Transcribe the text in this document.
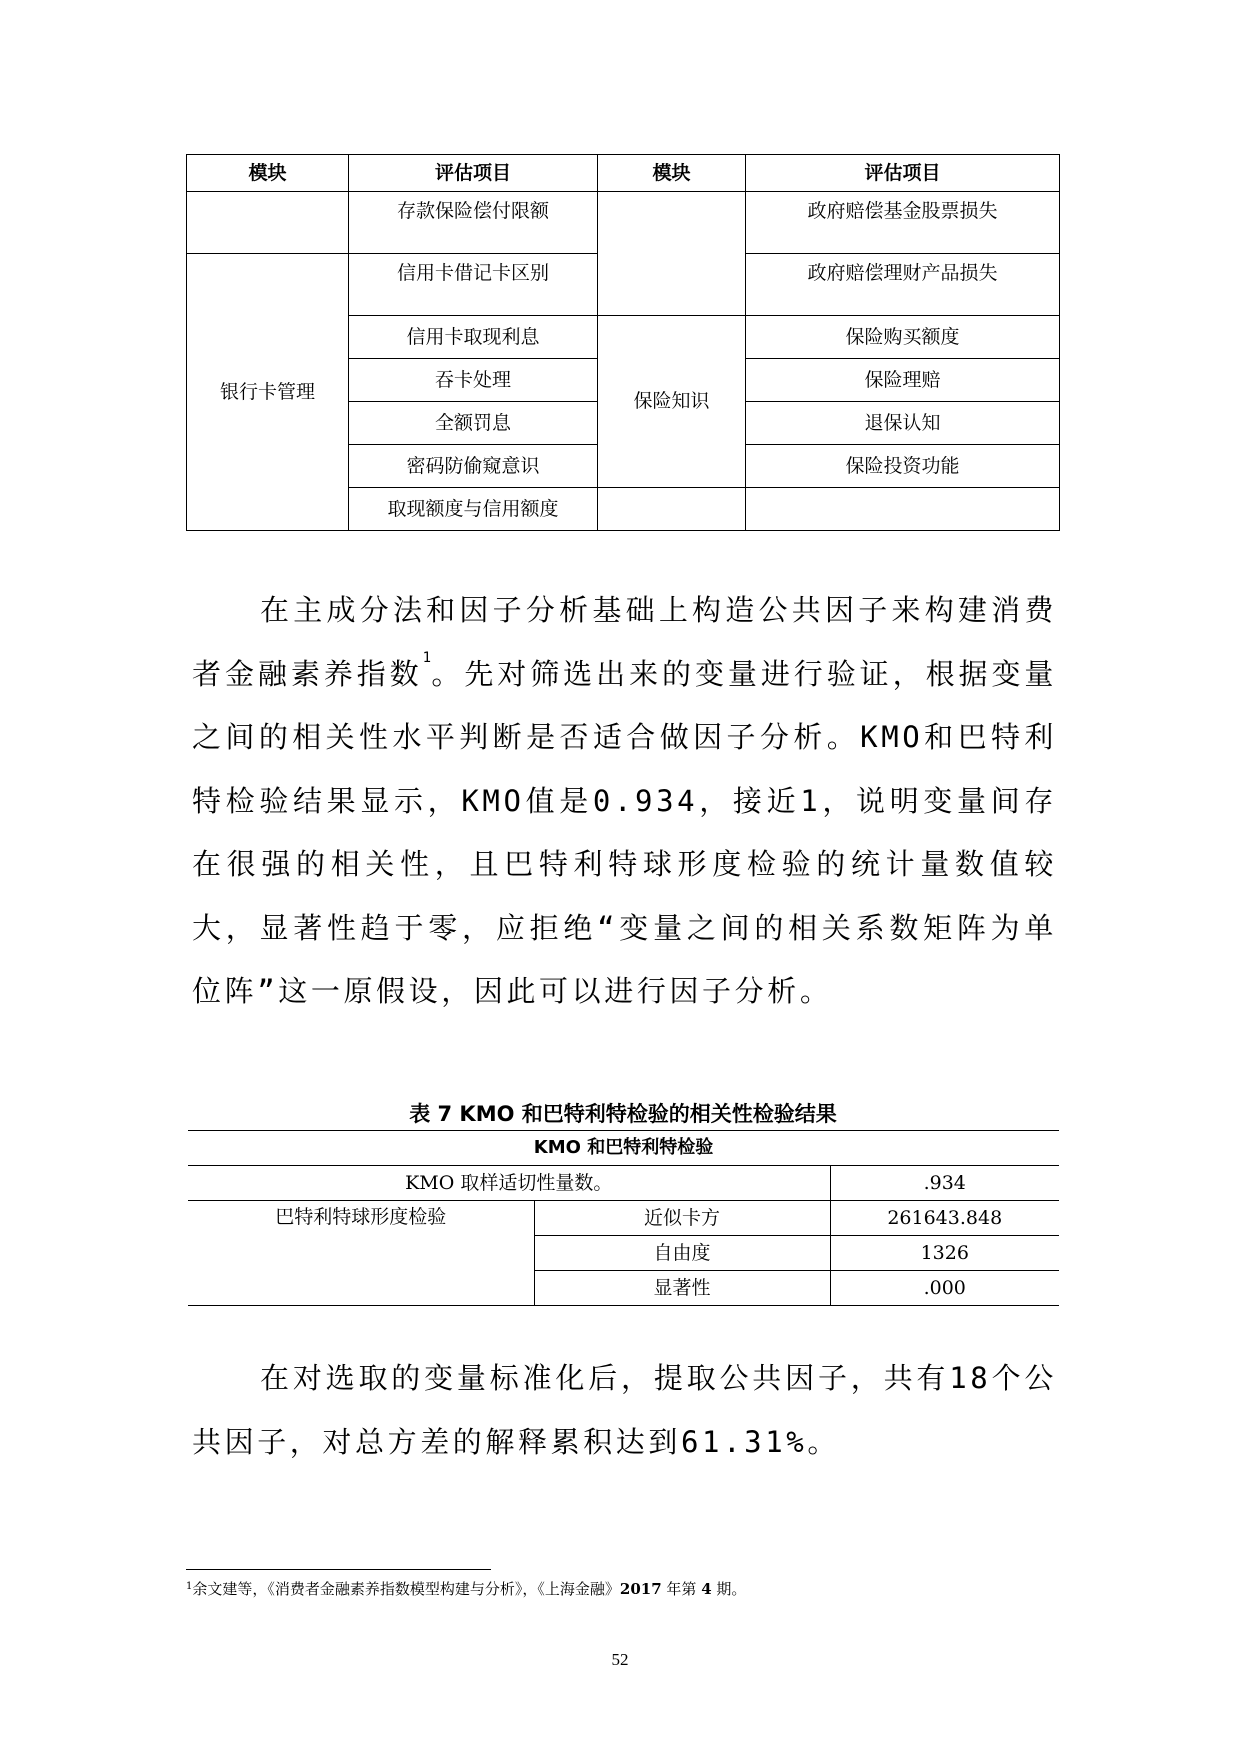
模块	评估项目	模块	评估项目
	存款保险偿付限额		政府赔偿基金股票损失
银行卡管理	信用卡借记卡区别		政府赔偿理财产品损失
	信用卡取现利息	保险知识	保险购买额度
	吞卡处理		保险理赔
	全额罚息		退保认知
	密码防偷窥意识		保险投资功能
	取现额度与信用额度		

在主成分法和因子分析基础上构造公共因子来构建消费者金融素养指数$^1$。先对筛选出来的变量进行验证，根据变量之间的相关性水平判断是否适合做因子分析。KMO和巴特利特检验结果显示，KMO值是0.934，接近1，说明变量间存在很强的相关性，且巴特利特球形度检验的统计量数值较大，显著性趋于零，应拒绝“变量之间的相关系数矩阵为单位阵”这一原假设，因此可以进行因子分析。

表 7 KMO 和巴特利特检验的相关性检验结果

KMO 和巴特利特检验		
KMO 取样适切性量数。		.934
巴特利特球形度检验	近似卡方	261643.848
	自由度	1326
	显著性	.000

在对选取的变量标准化后，提取公共因子，共有18个公共因子，对总方差的解释累积达到61.31%。

$^1$余文建等，《消费者金融素养指数模型构建与分析》，《上海金融》2017 年第 4 期。

52
